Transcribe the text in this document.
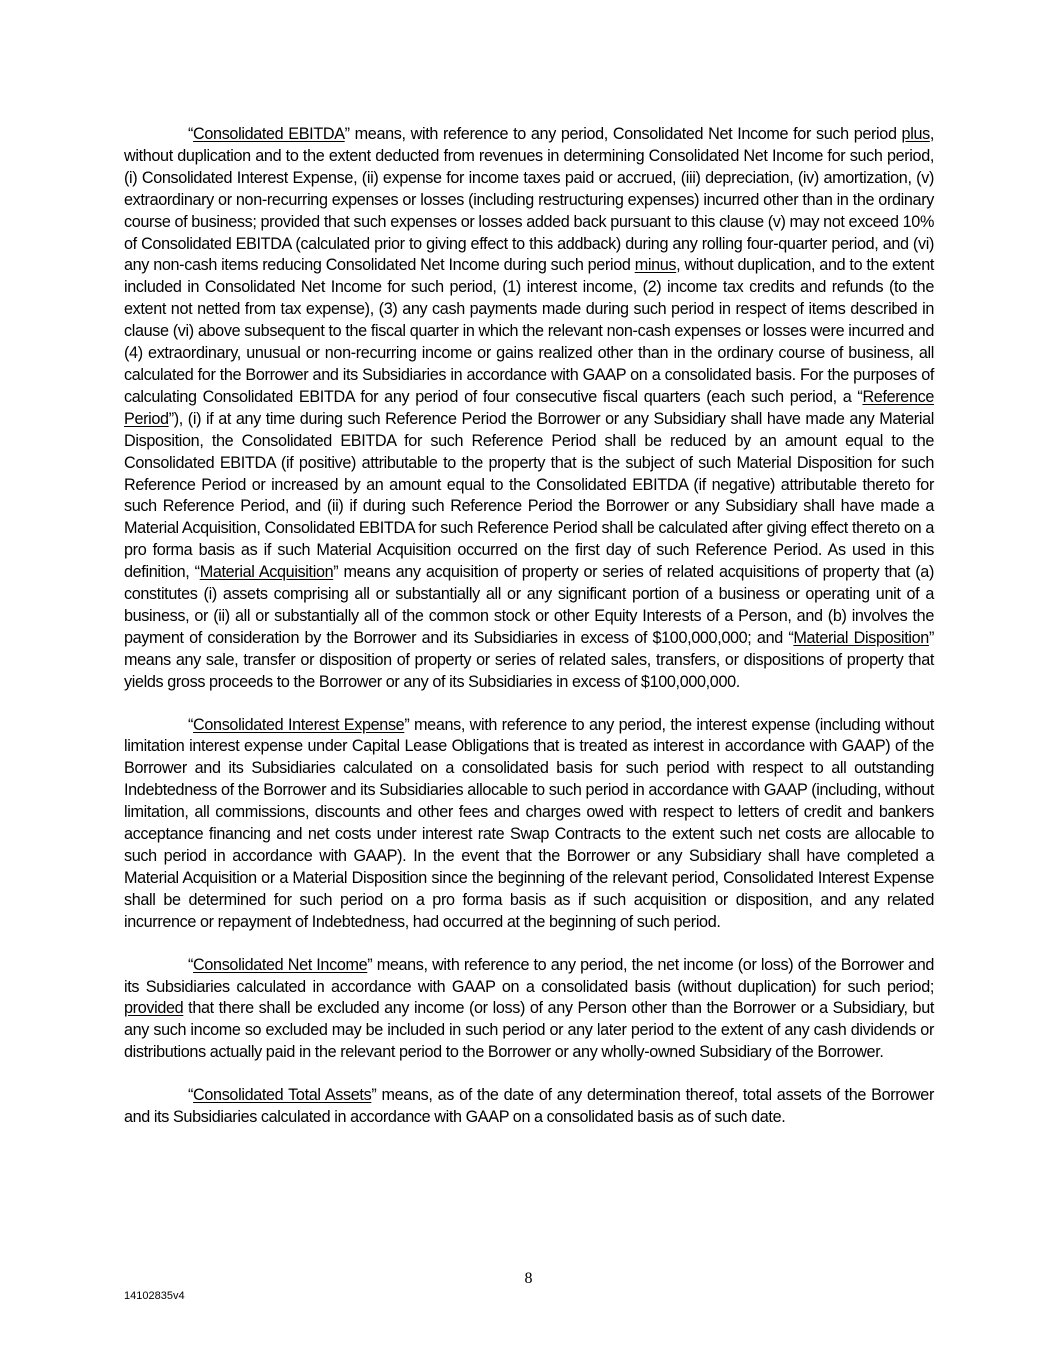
“Consolidated EBITDA” means, with reference to any period, Consolidated Net Income for such period plus, without duplication and to the extent deducted from revenues in determining Consolidated Net Income for such period, (i) Consolidated Interest Expense, (ii) expense for income taxes paid or accrued, (iii) depreciation, (iv) amortization, (v) extraordinary or non-recurring expenses or losses (including restructuring expenses) incurred other than in the ordinary course of business; provided that such expenses or losses added back pursuant to this clause (v) may not exceed 10% of Consolidated EBITDA (calculated prior to giving effect to this addback) during any rolling four-quarter period, and (vi) any non-cash items reducing Consolidated Net Income during such period minus, without duplication, and to the extent included in Consolidated Net Income for such period, (1) interest income, (2) income tax credits and refunds (to the extent not netted from tax expense), (3) any cash payments made during such period in respect of items described in clause (vi) above subsequent to the fiscal quarter in which the relevant non-cash expenses or losses were incurred and (4) extraordinary, unusual or non-recurring income or gains realized other than in the ordinary course of business, all calculated for the Borrower and its Subsidiaries in accordance with GAAP on a consolidated basis. For the purposes of calculating Consolidated EBITDA for any period of four consecutive fiscal quarters (each such period, a “Reference Period”), (i) if at any time during such Reference Period the Borrower or any Subsidiary shall have made any Material Disposition, the Consolidated EBITDA for such Reference Period shall be reduced by an amount equal to the Consolidated EBITDA (if positive) attributable to the property that is the subject of such Material Disposition for such Reference Period or increased by an amount equal to the Consolidated EBITDA (if negative) attributable thereto for such Reference Period, and (ii) if during such Reference Period the Borrower or any Subsidiary shall have made a Material Acquisition, Consolidated EBITDA for such Reference Period shall be calculated after giving effect thereto on a pro forma basis as if such Material Acquisition occurred on the first day of such Reference Period. As used in this definition, “Material Acquisition” means any acquisition of property or series of related acquisitions of property that (a) constitutes (i) assets comprising all or substantially all or any significant portion of a business or operating unit of a business, or (ii) all or substantially all of the common stock or other Equity Interests of a Person, and (b) involves the payment of consideration by the Borrower and its Subsidiaries in excess of $100,000,000; and “Material Disposition” means any sale, transfer or disposition of property or series of related sales, transfers, or dispositions of property that yields gross proceeds to the Borrower or any of its Subsidiaries in excess of $100,000,000.

“Consolidated Interest Expense” means, with reference to any period, the interest expense (including without limitation interest expense under Capital Lease Obligations that is treated as interest in accordance with GAAP) of the Borrower and its Subsidiaries calculated on a consolidated basis for such period with respect to all outstanding Indebtedness of the Borrower and its Subsidiaries allocable to such period in accordance with GAAP (including, without limitation, all commissions, discounts and other fees and charges owed with respect to letters of credit and bankers acceptance financing and net costs under interest rate Swap Contracts to the extent such net costs are allocable to such period in accordance with GAAP). In the event that the Borrower or any Subsidiary shall have completed a Material Acquisition or a Material Disposition since the beginning of the relevant period, Consolidated Interest Expense shall be determined for such period on a pro forma basis as if such acquisition or disposition, and any related incurrence or repayment of Indebtedness, had occurred at the beginning of such period.

“Consolidated Net Income” means, with reference to any period, the net income (or loss) of the Borrower and its Subsidiaries calculated in accordance with GAAP on a consolidated basis (without duplication) for such period; provided that there shall be excluded any income (or loss) of any Person other than the Borrower or a Subsidiary, but any such income so excluded may be included in such period or any later period to the extent of any cash dividends or distributions actually paid in the relevant period to the Borrower or any wholly-owned Subsidiary of the Borrower.

“Consolidated Total Assets” means, as of the date of any determination thereof, total assets of the Borrower and its Subsidiaries calculated in accordance with GAAP on a consolidated basis as of such date.

8
14102835v4
